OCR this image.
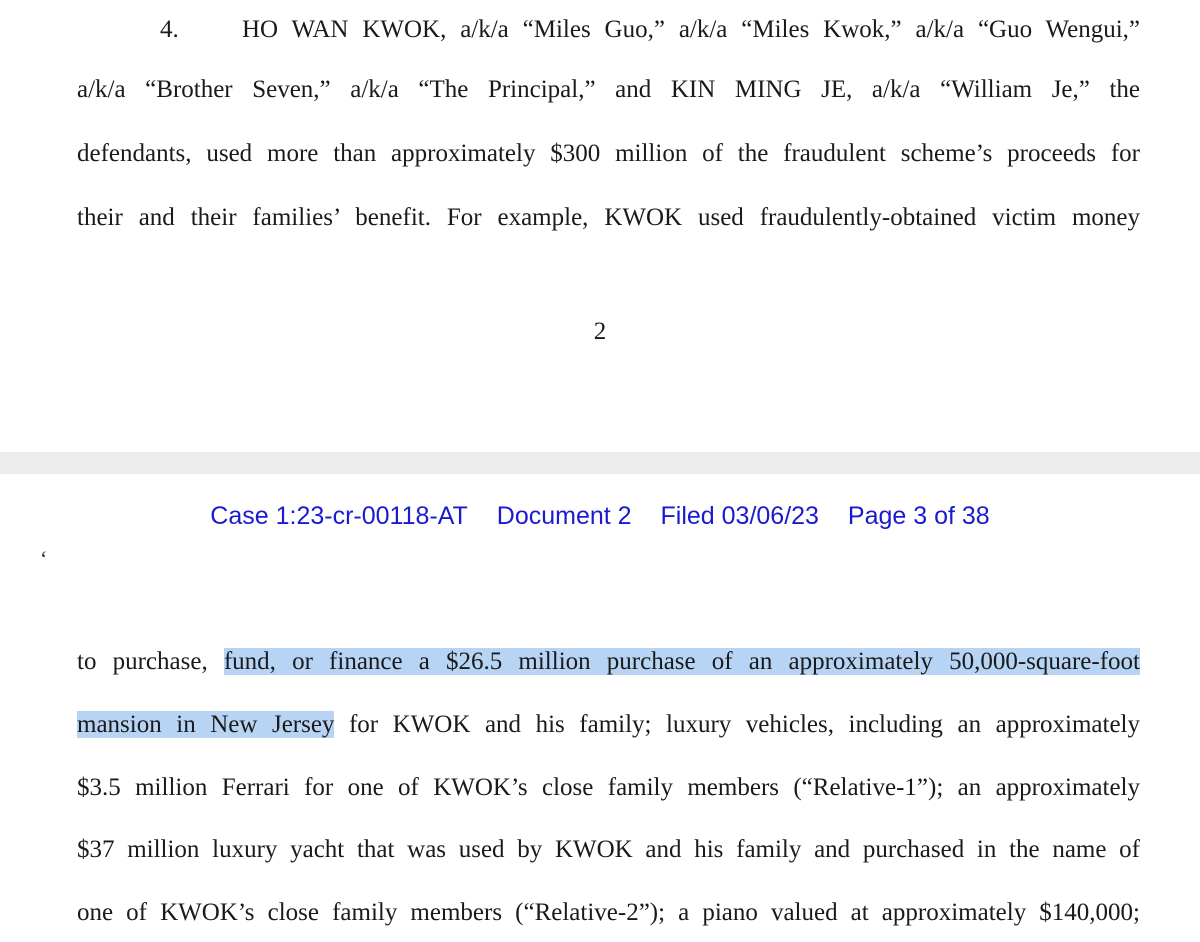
4.	HO WAN KWOK, a/k/a “Miles Guo,” a/k/a “Miles Kwok,” a/k/a “Guo Wengui,”
a/k/a “Brother Seven,” a/k/a “The Principal,” and KIN MING JE, a/k/a “William Je,” the
defendants, used more than approximately $300 million of the fraudulent scheme’s proceeds for
their and their families’ benefit. For example, KWOK used fraudulently-obtained victim money
2
Case 1:23-cr-00118-AT Document 2 Filed 03/06/23 Page 3 of 38
‘
to purchase, fund, or finance a $26.5 million purchase of an approximately 50,000-square-foot
mansion in New Jersey for KWOK and his family; luxury vehicles, including an approximately
$3.5 million Ferrari for one of KWOK’s close family members (“Relative-1”); an approximately
$37 million luxury yacht that was used by KWOK and his family and purchased in the name of
one of KWOK’s close family members (“Relative-2”); a piano valued at approximately $140,000;
